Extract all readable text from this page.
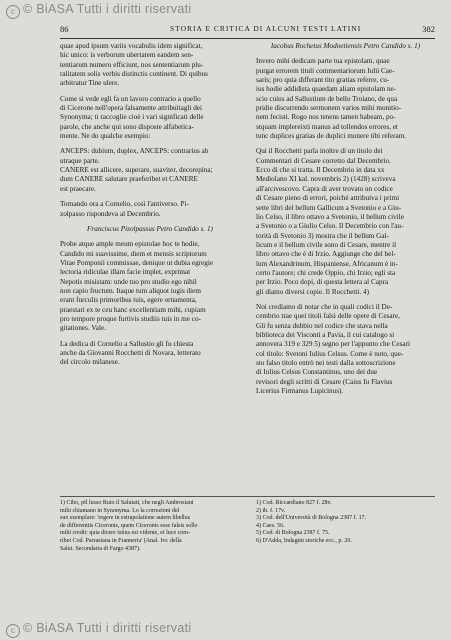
c © BiASA Tutti i diritti riservati
86	STORIA E CRITICA DI ALCUNI TESTI LATINI	382

quae apud ipsum variis vocabulis idem significat,

hic unico: is verborum ubertatem eandem sen-

tentiarum numero efficiunt, nos sententiarum plu-

ralitatem solis verbis distinctis continent. Di quibus

arbitratur Tine ulere.

Come si vede egli fa un lavoro contrario a quello

di Cicerone nell'opera falsamente attribuitagli dei

Synonyma; ti raccoglie cioè i vari significati delle

parole, che anche qui sono disposte alfabetica-

mente. Ne do qualche esempio:

ANCEPS: dubium, duplex, ANCEPS: contrarius ab

utraque parte.

CANERE est allicere, superare, suaviter, decorepina;

dum CANERE salutare praeferibet et CANERE

est praecare.

Tornando ora a Cornelio, così l'antiverso. Pi-

zolpasso rispondeva al Decembrio.

Franciscus Pizolpassus Petro Candido s. 1)

Probe atque ample meum epistolae hoc te hodie,

Candido mi suavissime, diem et mensis scriptorum

Vitae Pomponii commissae, denique ut dubia egregie

lectoria ridiculae illam facie implet, exprimat

Nepotis misistam: unde tuo pro studio ego nihil

non capio fructum. Itaque tum aliquot iugis diem

erant furculis primoribus tuis, egere ornamenta,

praestari ex te ceu hanc excellentiam mihi, cupiam

pro tempore proque furtivis studiis tuis in me co-

gitationes. Vale.

La dedica di Cornelio a Sallustio gli fu chiesta

anche da Giovanni Rocchetti di Novara, letterato

del circolo milanese.

Iacobus Rochetus Modoetiensis Petro Candido s. 1)

Invero mihi dedicam parte tua epistolam, quae

purgat errorem tituli commentariorum Iulii Cae-

saris; pro quia differant tito gratias referre, cu-

ius hodie addidista quaedam aliam epistolam ne-

scio cuius ad Sallustium de bello Troiano, de qua

pridie discurrendo sermonem varios mihi monitio-

nem fecisti. Rogo nos tenens tamen habeam, po-

stquam implereixti manus ad tollendos errores, et

tunc duplices gratias de duplici munere tibi referam.

Qui il Rocchetti parla inoltre di un titolo dei

Commentari di Cesare corretto dal Decembrio.

Ecco di che si tratta. Il Decembrio in data xx

Mediolano XI kal. novembris 2) (1428) scriveva

all'arcivescovo. Capra di aver trovato un codice

di Cesare pieno di errori, poiché attribuiva i primi

sette libri del bellum Gallicum a Svetonio e a Giu-

lio Celso, il libro ottavo a Svetonio, il bellum civile

a Svetonio o a Giulio Celso. Il Decembrio con l'au-

torità di Svetonio 3) mostra che il bellum Gal-

licum e il bellum civile sono di Cesare, mentre il

libro ottavo che è di Irzio. Aggiunge che del bel-

lum Alexandrinum, Hispaniense, Africanum è in-

certo l'autore; chi crede Oppio, chi Irzio; egli sta

per Irzio. Poco dopi, di questa lettera al Capra

gli diamo diversi copie. Il Rocchetti. 4)

Noi crediamo di notar che in quali codici il De-

cembrio trae quei titoli falsi delle opere di Cesare,

Gli fu senza dubbio nel codice che stava nella

biblioteca dei Visconti a Pavia, il cui catalogo si

annovera 319 e 329 5) segno per l'appunto che Cesari

col titolo: Svetoni Iulius Celsus. Come è noto, que-

sto falso titolo entrò nei testi dalla sottoscrizione

di Iulius Celsus Constantinus, uno dei due

revisori degli scritti di Cesare (Caius Iu Flavius

Licerius Firmanus Lupicinus).

1) Cibo, pil lusso Ruto il Salutati, che negli Ambrosiani

mihi chiamano in Synonyma. Lo la correzioni del

suo esemplare: 'regere in estrapolatione autem libellus

de differentiis Ciceronis, quem Ciceronis esse falsis sollo

mihi credit: quia dicere istius est vidente, et luce com-

ribet Cod. Parrasiana in Franneria' (Anal. Ivr. della

Salut. Secondaria di Fargo 4387).

1) Cod. Riccardiano 827 f. 28v.

2) ib. f. 17v.

3) Cod. dell'Università di Bologna 2387 f. 17.

4) Caes. 56.

5) Cod. di Bologna 2387 f. 75.

6) D'Adda, Indagini storiche ecc., p. 20.

c © BiASA Tutti i diritti riservati
